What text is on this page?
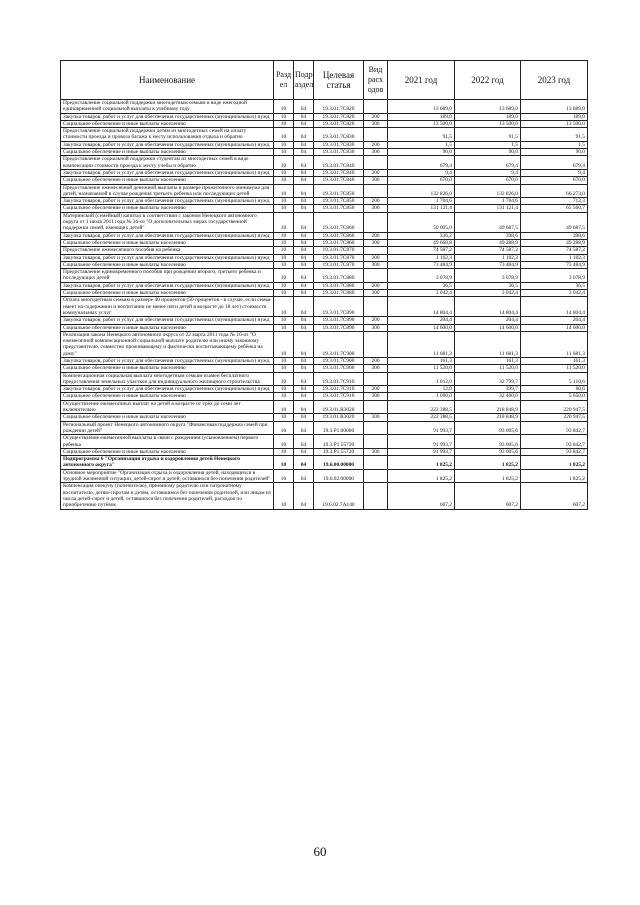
Наименование	Разд ел	Подр аздел	Целевая статья	Вид расх одов	2021 год	2022 год	2023 год
Предоставление социальной поддержки многодетным семьям в виде ежегодной единовременной социальной выплаты к учебному году	10	04	19.3.01.7С820		13 689,0	13 689,0	13 689,0
Закупка товаров, работ и услуг для обеспечения государственных (муниципальных) нужд	10	04	19.3.01.7С820	200	189,0	189,0	189,0
Социальное обеспечение и иные выплаты населению	10	04	19.3.01.7С820	300	13 500,0	13 500,0	13 500,0
Предоставление социальной поддержки детям из многодетных семей на оплату стоимости проезда и провоза багажа к месту использования отдыха и обратно	10	04	19.3.01.7С830		91,5	91,5	91,5
Закупка товаров, работ и услуг для обеспечения государственных (муниципальных) нужд	10	04	19.3.01.7С830	200	1,5	1,5	1,5
Социальное обеспечение и иные выплаты населению	10	04	19.3.01.7С830	300	90,0	90,0	90,0
Предоставление социальной поддержки студентам из многодетных семей в виде компенсации стоимости проезда к месту учебы и обратно	10	04	19.3.01.7С840		679,4	679,4	679,4
Закупка товаров, работ и услуг для обеспечения государственных (муниципальных) нужд	10	04	19.3.01.7С840	200	9,4	9,4	9,4
Социальное обеспечение и иные выплаты населению	10	04	19.3.01.7С840	300	670,0	670,0	670,0
Предоставление ежемесячной денежной выплаты в размере прожиточного минимума для детей, назначаемой в случае рождения третьего ребенка или последующих детей	10	04	19.3.01.7С850		132 826,0	132 826,0	66 273,0
Закупка товаров, работ и услуг для обеспечения государственных (муниципальных) нужд	10	04	19.3.01.7С850	200	1 704,6	1 704,6	712,3
Социальное обеспечение и иные выплаты населению	10	04	19.3.01.7С850	300	131 121,4	131 121,4	65 560,7
Материнский (семейный) капитал в соответствии с законом Ненецкого автономного округа от 1 июля 2011 года № 36-оз "О дополнительных мерах государственной поддержки семей, имеющих детей"	10	04	19.3.01.7С860		50 005,0	49 687,5	49 687,5
Закупка товаров, работ и услуг для обеспечения государственных (муниципальных) нужд	10	04	19.3.01.7С860	200	336,2	398,6	398,6
Социальное обеспечение и иные выплаты населению	10	04	19.3.01.7С860	300	49 668,8	49 288,9	49 288,9
Предоставление ежемесячного пособия на ребенка	10	04	19.3.01.7С870		74 587,2	74 587,2	74 587,2
Закупка товаров, работ и услуг для обеспечения государственных (муниципальных) нужд	10	04	19.3.01.7С870	200	1 102,3	1 102,3	1 102,3
Социальное обеспечение и иные выплаты населению	10	04	19.3.01.7С870	300	73 484,9	73 484,9	73 484,9
Предоставление единовременного пособия при рождении второго, третьего ребенка и последующих детей	10	04	19.3.01.7С880		3 078,9	3 078,9	3 078,9
Закупка товаров, работ и услуг для обеспечения государственных (муниципальных) нужд	10	04	19.3.01.7С880	200	36,5	36,5	36,5
Социальное обеспечение и иные выплаты населению	10	04	19.3.01.7С880	300	3 042,4	3 042,4	3 042,4
Оплата многодетным семьям в размере 40 процентов (50 процентов - в случае, если семья имеет на содержании и воспитании не менее пяти детей в возрасте до 18 лет) стоимости коммунальных услуг	10	04	19.3.01.7С890		14 804,4	14 804,4	14 804,4
Закупка товаров, работ и услуг для обеспечения государственных (муниципальных) нужд	10	04	19.3.01.7С890	200	204,4	204,4	204,4
Социальное обеспечение и иные выплаты населению	10	04	19.3.01.7С890	300	14 600,0	14 600,0	14 600,0
Реализация закона Ненецкого автономного округа от 22 марта 2011 года № 10-оз "О ежемесячной компенсационной социальной выплате родителю или иному законному представителю, совместно проживающему и фактически воспитывающему ребёнка на дому"	10	04	19.3.01.7С900		11 681,3	11 681,3	11 681,3
Закупка товаров, работ и услуг для обеспечения государственных (муниципальных) нужд	10	04	19.3.01.7С900	200	161,3	161,3	161,3
Социальное обеспечение и иные выплаты населению	10	04	19.3.01.7С900	300	11 520,0	11 520,0	11 520,0
Компенсационная социальная выплата многодетным семьям взамен бесплатного предоставления земельных участков для индивидуального жилищного строительства	10	04	19.3.01.7С910		1 012,0	32 799,7	5 110,6
Закупка товаров, работ и услуг для обеспечения государственных (муниципальных) нужд	10	04	19.3.01.7С910	200	12,0	399,7	60,6
Социальное обеспечение и иные выплаты населению	10	04	19.3.01.7С910	300	1 000,0	32 400,0	5 050,0
Осуществление ежемесячных выплат на детей в возрасте от трёх до семи лет включительно	10	04	19.3.01.R3020		222 388,5	218 848,9	220 947,5
Социальное обеспечение и иные выплаты населению	10	04	19.3.01.R3020	300	222 388,5	218 848,9	220 947,5
Региональный проект Ненецкого автономного округа "Финансовая поддержка семей при рождении детей"	10	04	19.3.P1.00000		91 993,7	93 005,6	93 842,7
Осуществление ежемесячной выплаты в связи с рождением (усыновлением) первого ребенка	10	04	19.3.P1.55730		91 993,7	93 005,6	93 842,7
Социальное обеспечение и иные выплаты населению	10	04	19.3.P1.55730	300	91 993,7	93 005,6	93 842,7
Подпрограмма 6 "Организация отдыха и оздоровления детей Ненецкого автономного округа"	10	04	19.6.00.00000		1 825,2	1 825,2	1 825,2
Основное мероприятие "Организация отдыха и оздоровления детей, находящихся в трудной жизненной ситуации, детей-сирот и детей, оставшихся без попечения родителей"	10	04	19.6.02.00000		1 825,2	1 825,2	1 825,2
Компенсация опекуну (попечителю), приемному родителю или патронатному воспитателю, детям-сиротам и детям, оставшимся без попечения родителей, или лицам из числа детей-сирот и детей, оставшихся без попечения родителей, расходов по приобретению путёвок	10	04	19.6.02.7А140		607,2	607,2	607,2
60
